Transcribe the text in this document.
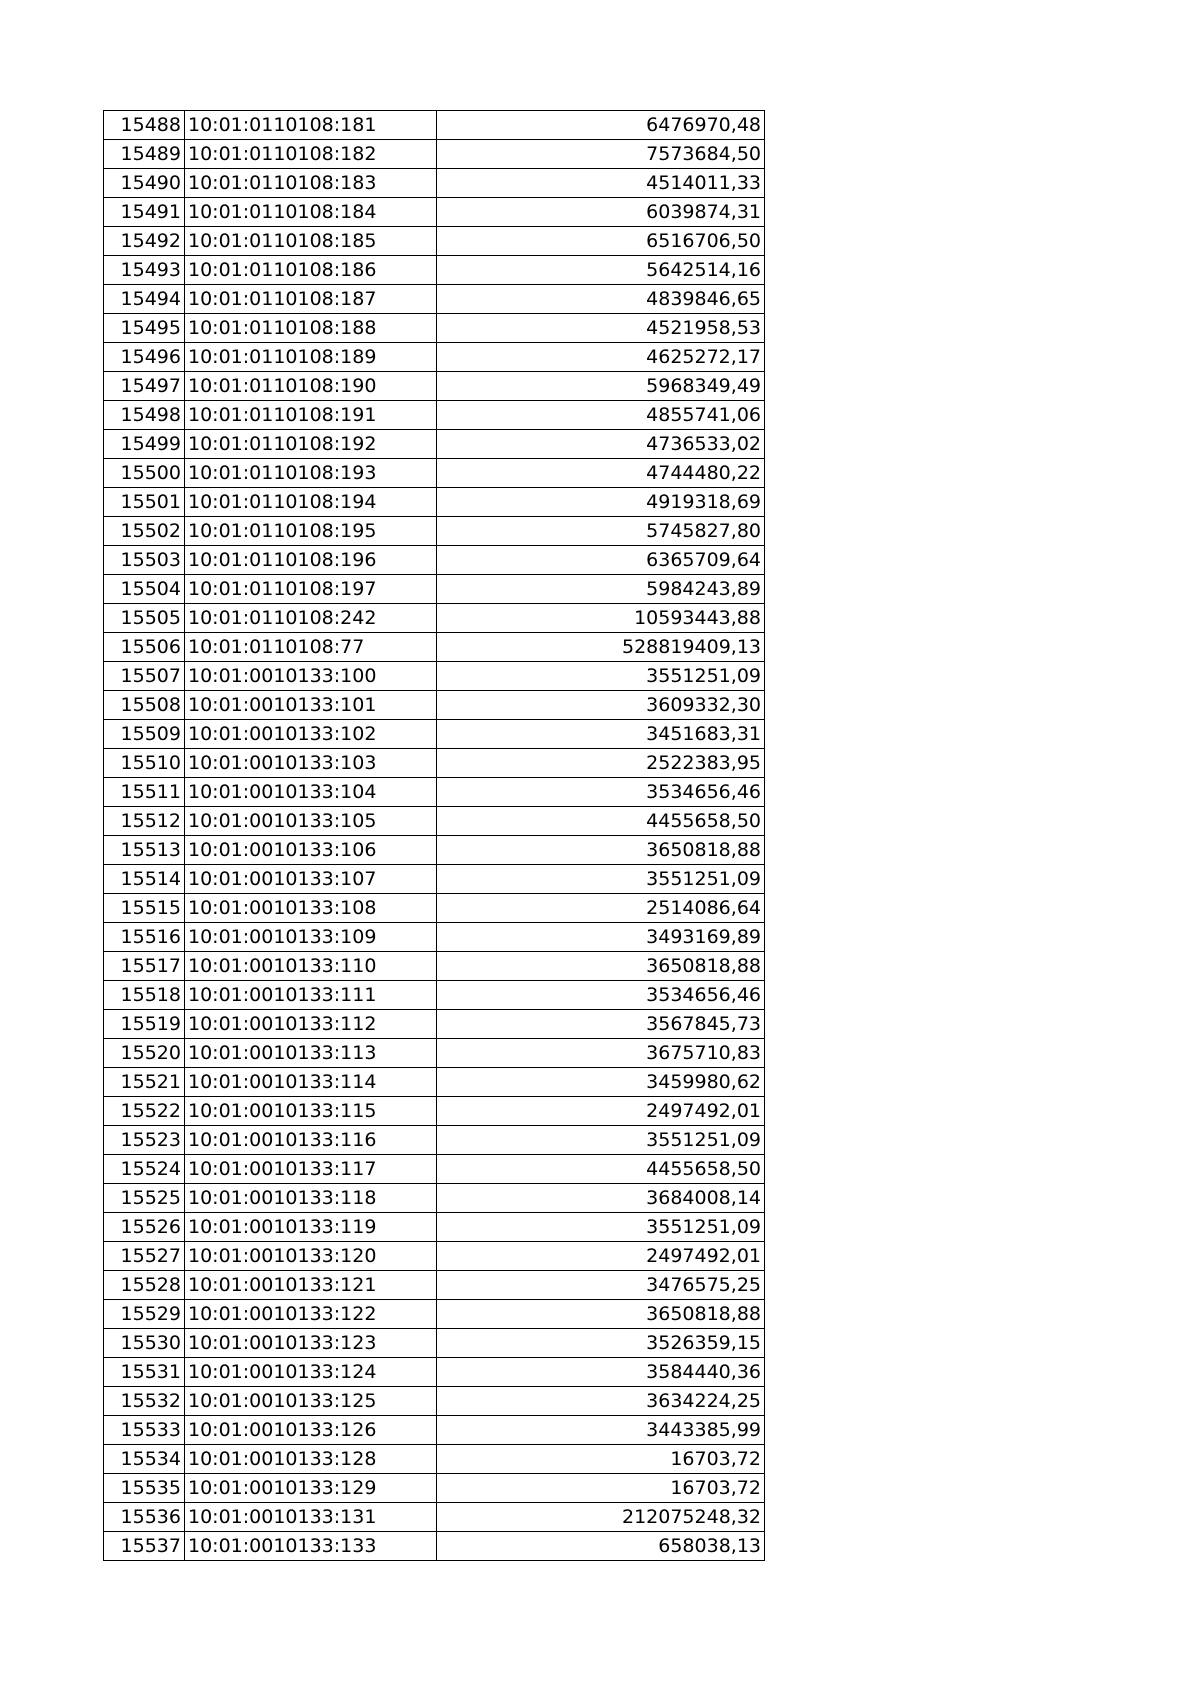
15488	10:01:0110108:181	6476970,48
15489	10:01:0110108:182	7573684,50
15490	10:01:0110108:183	4514011,33
15491	10:01:0110108:184	6039874,31
15492	10:01:0110108:185	6516706,50
15493	10:01:0110108:186	5642514,16
15494	10:01:0110108:187	4839846,65
15495	10:01:0110108:188	4521958,53
15496	10:01:0110108:189	4625272,17
15497	10:01:0110108:190	5968349,49
15498	10:01:0110108:191	4855741,06
15499	10:01:0110108:192	4736533,02
15500	10:01:0110108:193	4744480,22
15501	10:01:0110108:194	4919318,69
15502	10:01:0110108:195	5745827,80
15503	10:01:0110108:196	6365709,64
15504	10:01:0110108:197	5984243,89
15505	10:01:0110108:242	10593443,88
15506	10:01:0110108:77	528819409,13
15507	10:01:0010133:100	3551251,09
15508	10:01:0010133:101	3609332,30
15509	10:01:0010133:102	3451683,31
15510	10:01:0010133:103	2522383,95
15511	10:01:0010133:104	3534656,46
15512	10:01:0010133:105	4455658,50
15513	10:01:0010133:106	3650818,88
15514	10:01:0010133:107	3551251,09
15515	10:01:0010133:108	2514086,64
15516	10:01:0010133:109	3493169,89
15517	10:01:0010133:110	3650818,88
15518	10:01:0010133:111	3534656,46
15519	10:01:0010133:112	3567845,73
15520	10:01:0010133:113	3675710,83
15521	10:01:0010133:114	3459980,62
15522	10:01:0010133:115	2497492,01
15523	10:01:0010133:116	3551251,09
15524	10:01:0010133:117	4455658,50
15525	10:01:0010133:118	3684008,14
15526	10:01:0010133:119	3551251,09
15527	10:01:0010133:120	2497492,01
15528	10:01:0010133:121	3476575,25
15529	10:01:0010133:122	3650818,88
15530	10:01:0010133:123	3526359,15
15531	10:01:0010133:124	3584440,36
15532	10:01:0010133:125	3634224,25
15533	10:01:0010133:126	3443385,99
15534	10:01:0010133:128	16703,72
15535	10:01:0010133:129	16703,72
15536	10:01:0010133:131	212075248,32
15537	10:01:0010133:133	658038,13
